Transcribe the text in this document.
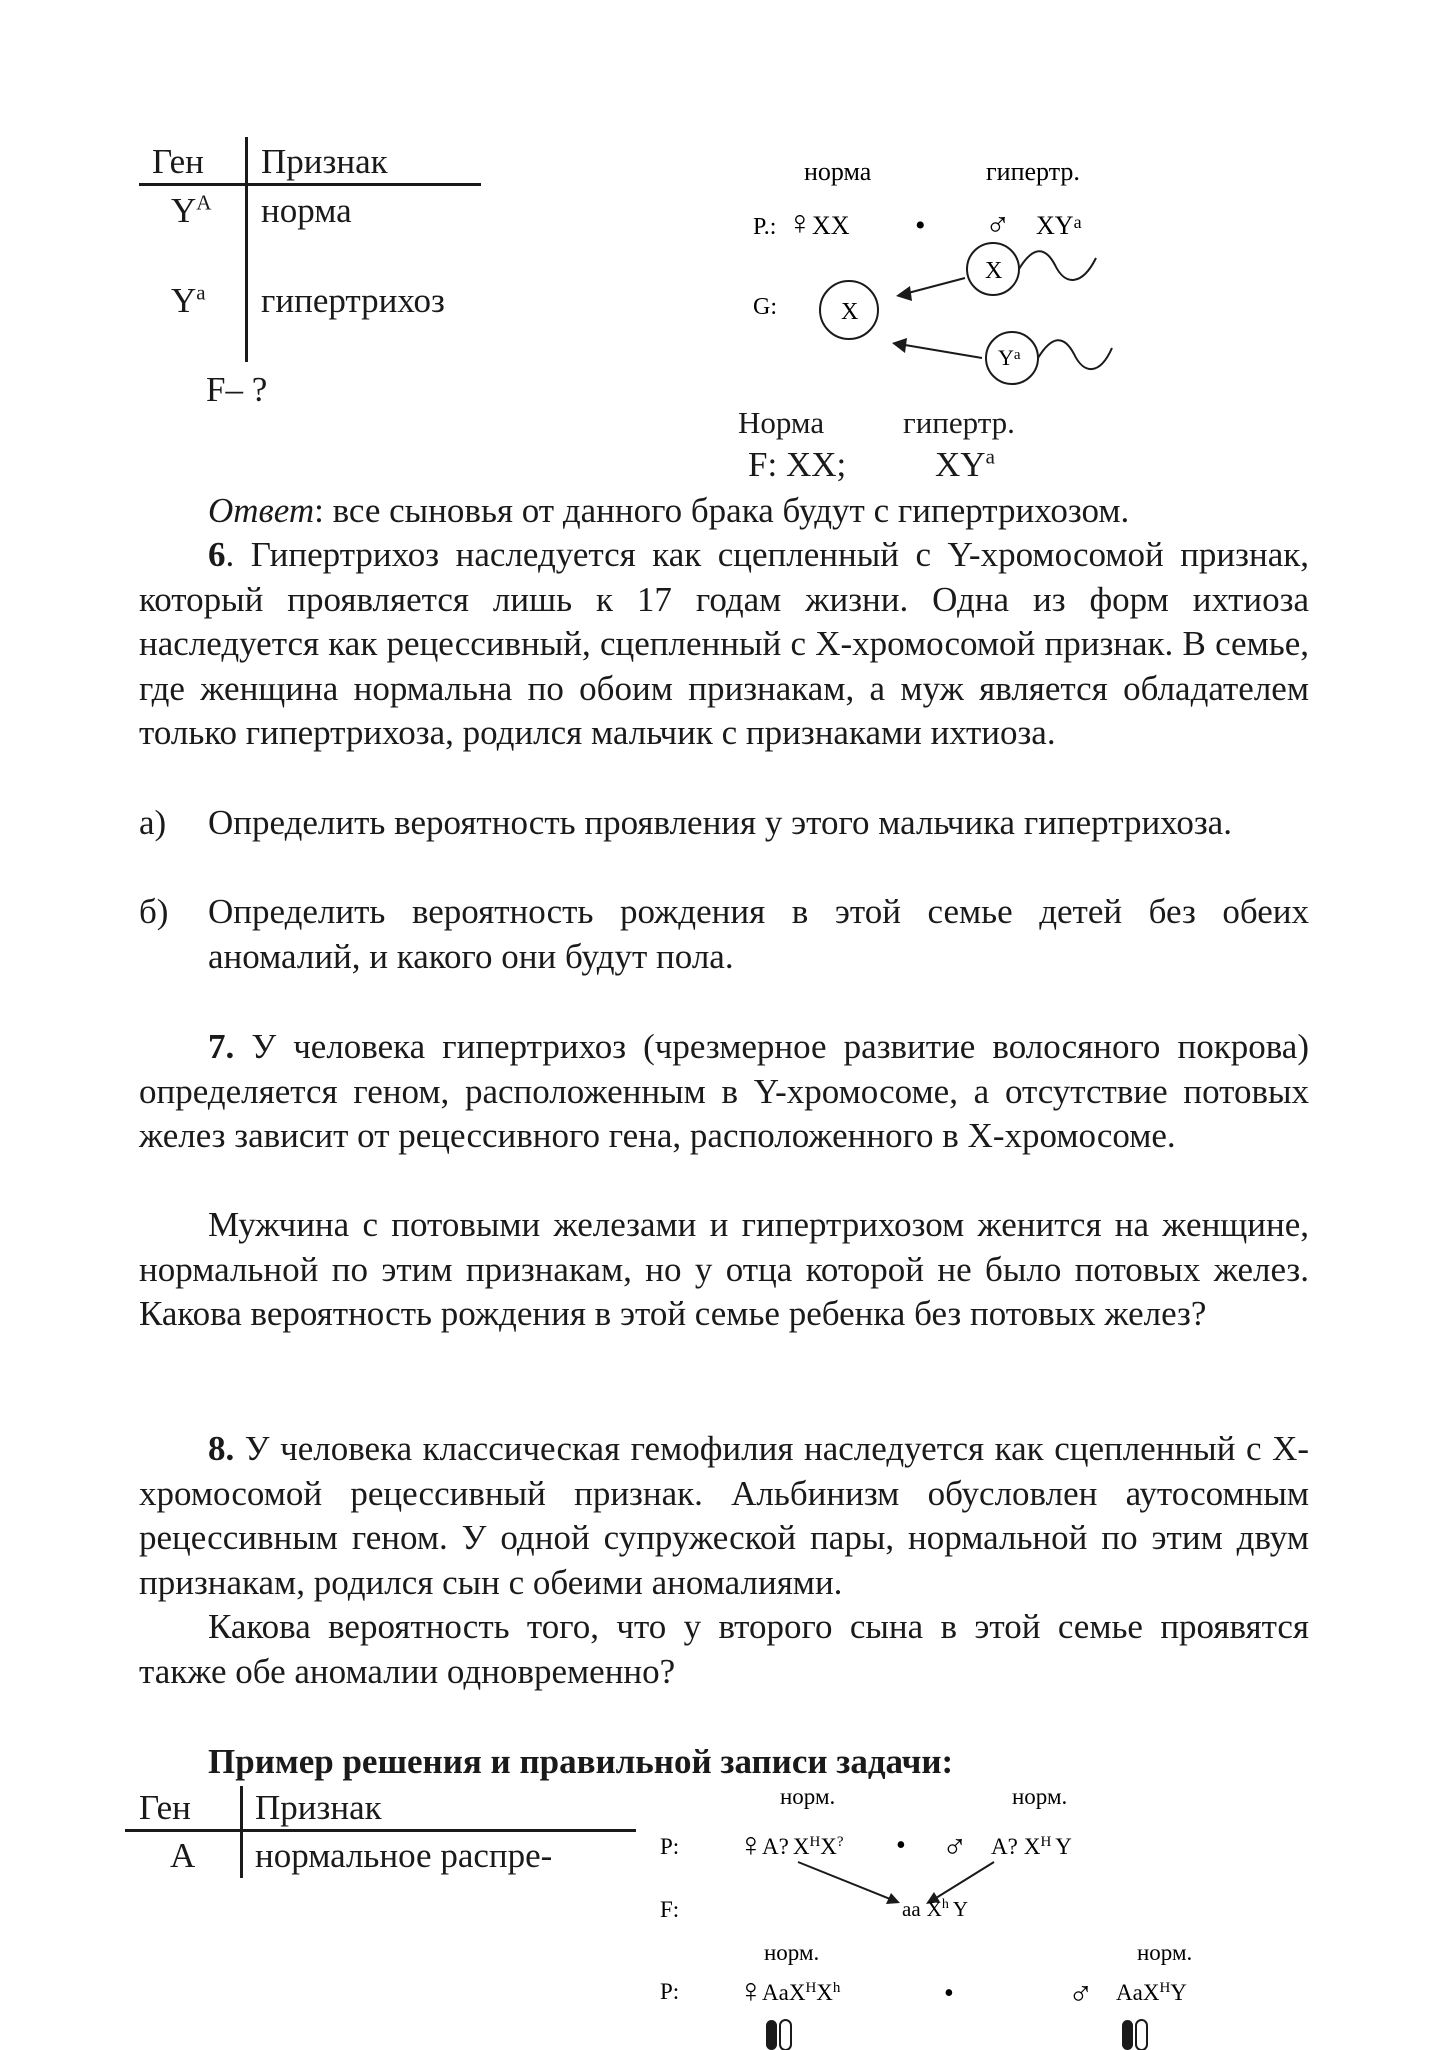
Ген Признак
$Y^A$ норма
$Y^a$ гипертрихоз
F– ?
норма	гипертр.
P.: ♀ XX • ♂ $XY^a$
G:	X
X
$Y^a$
Норма	гипертр.
F: XX;	$XY^a$
Ответ: все сыновья от данного брака будут с гипертрихозом.
6. Гипертрихоз наследуется как сцепленный с Y-хромосомой признак, который проявляется лишь к 17 годам жизни. Одна из форм ихтиоза наследуется как рецессивный, сцепленный с X-хромосомой признак. В семье, где женщина нормальна по обоим признакам, а муж является обладателем только гипертрихоза, родился мальчик с признаками ихтиоза.
а) Определить вероятность проявления у этого мальчика гипертрихоза.
б) Определить вероятность рождения в этой семье детей без обеих аномалий, и какого они будут пола.
7. У человека гипертрихоз (чрезмерное развитие волосяного покрова) определяется геном, расположенным в Y-хромосоме, а отсутствие потовых желез зависит от рецессивного гена, расположенного в X-хромосоме.
Мужчина с потовыми железами и гипертрихозом женится на женщине, нормальной по этим признакам, но у отца которой не было потовых желез. Какова вероятность рождения в этой семье ребенка без потовых желез?
8. У человека классическая гемофилия наследуется как сцепленный с X-хромосомой рецессивный признак. Альбинизм обусловлен аутосомным рецессивным геном. У одной супружеской пары, нормальной по этим двум признакам, родился сын с обеими аномалиями.
Какова вероятность того, что у второго сына в этой семье проявятся также обе аномалии одновременно?
Пример решения и правильной записи задачи:
Ген Признак
А нормальное распре-
норм.	норм.
P: ♀
A? $X^HX^?$ • ♂ A? $X^H$ Y
F:	aa $X^h$ Y
норм.	норм.
P: ♀
$AaX^HX^h$	•	♂ AaX$^H$Y
